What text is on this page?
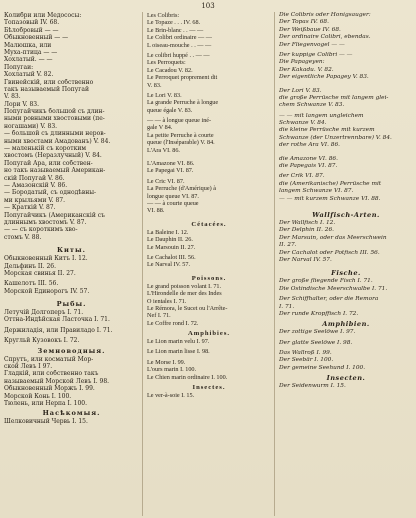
103
Колибри или Медососы:
Топазовый IV. 68.
Бѣлобровый — —
Обыкновенный — —
Малюшка, или
Муха-птица — —
Хохлатый. — —
Попугаи:
Хохлатый V. 82.
Гвинейскій, или собственно
такъ называемый Попугай
V. 83.
Лори V. 83.
Попугайчикъ большой съ длин-
ными ровными хвостовыми (пе-
ногашами) V. 83.
— большой съ длинными неров-
ными хвостами Амадованъ) V. 84.
— маленькій съ коротким
хвостомъ (Неразлучный) V. 84.
Попугай Ара, или собствен-
но такъ называемый Американ-
скій Попугай V. 86.
— Амазонскій V. 86.
— Бородатый, съ однодѣвны-
ми крыльями V. 87.
— Краткій V. 87.
Попугайчикъ (Американскій съ
длиннымъ хвостомъ V. 87.
— — съ короткимъ хво-
стомъ V. 88.
Киты.
Обыкновенный Китъ I. 12.
Дельфинъ II. 26.
Морская свинья II. 27.
Кашелотъ III. 56.
Морской Единорогъ IV. 57.
Рыбы.
Летучій Долгоперъ I. 71.
Оттна-Индѣйская Ласточка I. 71.
Держиладія, или Правиладо I. 71.
Кругльй Кузовокъ I. 72.
Земноводныя.
Спрутъ, или косматый Мор-
ской Левъ I 97.
Гладкій, или собственно такъ
называемый Морской Левъ I. 98.
Обыкновенный Моржъ I. 99.
Морской Конь I. 100.
Тюлень, или Нерпа I. 100.
Насѣкомыя.
Шелковичный Червь I. 15.
Les Colibris:
Le Topaze . . . IV. 68.
Le Brin-blanc . . — —
Le Colibri ordinaire — —
L oiseau-mouche . . — —
Le colibri huppé . . — —
Les Perroquets:
Le Cacadou V. 82.
Le Perroquet proprement dit
V. 83.
Le Lori V. 83.
La grande Perruche à longue
queue égale V. 83.
— — à longue queue iné-
gale V 84.
La petite Perruche à courte
queue (l'Inséparable) V. 84.
L'Ara VI. 86.
L'Amazone VI. 86.
Le Papegai VI. 87.
Le Cric VI. 87.
La Perruche (d'Amérique) à
longue queue VI. 87.
— — à courte queue
VI. 88.
Cétacées.
La Baleine I. 12.
Le Dauphin II. 26.
Le Marsouin II. 27.
Le Cachalot III. 56.
Le Narval IV. 57.
Poissons.
Le grand poisson volant I. 71.
L'Hirondelle de mer des Indes
O ientales I. 71.
Le Rémora, le Sucet ou l'Arrête-
Nef I. 71.
Le Coffre rond I. 72.
Amphibies.
Le Lion marin velu I. 97.
Le Lion marin lisse I. 98.
Le Morse I. 99.
L'ours marin I. 100.
Le Chien marin ordinaire I. 100.
Insectes.
Le ver-à-soie I. 15.
Die Colibris oder Honigsauger:
Der Topas IV. 68.
Der Weißbaue IV. 68.
Der ordinaire Colibri, ebendas.
Der Fliegenvogel — —
Der kuppige Colibri — —
Die Papageyen:
Der Kakadu. V. 82.
Der eigentliche Papagey V. 83.
Der Lori V. 83.
die große Perrüsche mit langem glei-
chem Schwanze V. 83.
— — mit langem ungleichem
Schwanze V. 84.
die kleine Perrüsche mit kurzem
Schwanze (der Unzertrennbare) V. 84.
der rothe Ara VI. 86.
die Amazone VI. 86.
die Papegais VI. 87.
der Crik VI. 87.
die (Amerikanische) Perrüsche mit
langem Schwanze VI. 87.
— — mit kurzem Schwanze VI. 88.
Wallfisch-Arten.
Der Wallfisch I. 12.
Der Delphin II. 26.
Der Marsuin, oder das Meerschwein
II. 27.
Der Cachalot oder Potfisch III. 56.
Der Narval IV. 57.
Fische.
Der große fliegende Fisch I. 71.
Die Ostindische Meerschwalbe I. 71.
Der Schiffhalter, oder die Remora
I. 71.
Der runde Kropffisch I. 72.
Amphibien.
Der zottige Seelöwe I. 97.
Der glatte Seelöwe I. 98.
Das Wallroß I. 99.
Der Seebär I. 100.
Der gemeine Seehund I. 100.
Insecten.
Der Seidenwurm I. 15.
